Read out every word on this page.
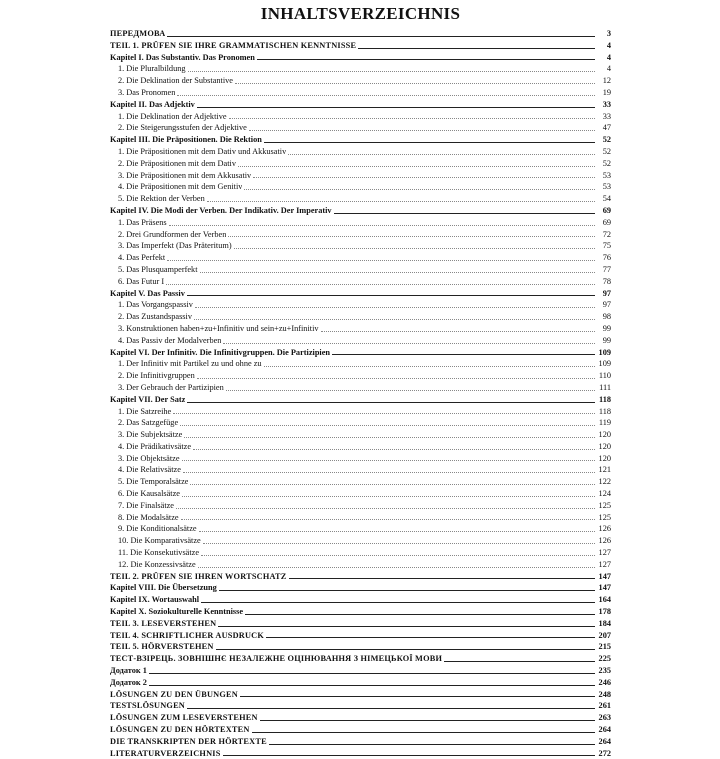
INHALTSVERZEICHNIS
ПЕРЕДМОВА	3
TEIL 1. PRÜFEN SIE IHRE GRAMMATISCHEN KENNTNISSE	4
Kapitel I. Das Substantiv. Das Pronomen	4
1. Die Pluralbildung	4
2. Die Deklination der Substantive	12
3. Das Pronomen	19
Kapitel II. Das Adjektiv	33
1. Die Deklination der Adjektive	33
2. Die Steigerungsstufen der Adjektive	47
Kapitel III. Die Präpositionen. Die Rektion	52
1. Die Präpositionen mit dem Dativ und Akkusativ	52
2. Die Präpositionen mit dem Dativ	52
3. Die Präpositionen mit dem Akkusativ	53
4. Die Präpositionen mit dem Genitiv	53
5. Die Rektion der Verben	54
Kapitel IV. Die Modi der Verben. Der Indikativ. Der Imperativ	69
1. Das Präsens	69
2. Drei Grundformen der Verben	72
3. Das Imperfekt (Das Präteritum)	75
4. Das Perfekt	76
5. Das Plusquamperfekt	77
6. Das Futur I	78
Kapitel V. Das Passiv	97
1. Das Vorgangspassiv	97
2. Das Zustandspassiv	98
3. Konstruktionen haben+zu+Infinitiv und sein+zu+Infinitiv	99
4. Das Passiv der Modalverben	99
Kapitel VI. Der Infinitiv. Die Infinitivgruppen. Die Partizipien	109
1. Der Infinitiv mit Partikel zu und ohne zu	109
2. Die Infinitivgruppen	110
3. Der Gebrauch der Partizipien	111
Kapitel VII. Der Satz	118
1. Die Satzreihe	118
2. Das Satzgefüge	119
3. Die Subjektsätze	120
4. Die Prädikativsätze	120
3. Die Objektsätze	120
4. Die Relativsätze	121
5. Die Temporalsätze	122
6. Die Kausalsätze	124
7. Die Finalsätze	125
8. Die Modalsätze	125
9. Die Konditionalsätze	126
10. Die Komparativsätze	126
11. Die Konsekutivsätze	127
12. Die Konzessivsätze	127
TEIL 2. PRÜFEN SIE IHREN WORTSCHATZ	147
Kapitel VIII. Die Übersetzung	147
Kapitel IX. Wortauswahl	164
Kapitel X. Soziokulturelle Kenntnisse	178
TEIL 3. LESEVERSTEHEN	184
TEIL 4. SCHRIFTLICHER AUSDRUCK	207
TEIL 5. HÖRVERSTEHEN	215
ТЕСТ-ВЗІРЕЦЬ. ЗОВНІШНЄ НЕЗАЛЕЖНЕ ОЦІНЮВАННЯ З НІМЕЦЬКОЇ МОВИ	225
Додаток 1	235
Додаток 2	246
LÖSUNGEN ZU DEN ÜBUNGEN	248
TESTSLÖSUNGEN	261
LÖSUNGEN ZUM LESEVERSTEHEN	263
LÖSUNGEN ZU DEN HÖRTEXTEN	264
DIE TRANSKRIPTEN DER HÖRTEXTE	264
LITERATURVERZEICHNIS	272
